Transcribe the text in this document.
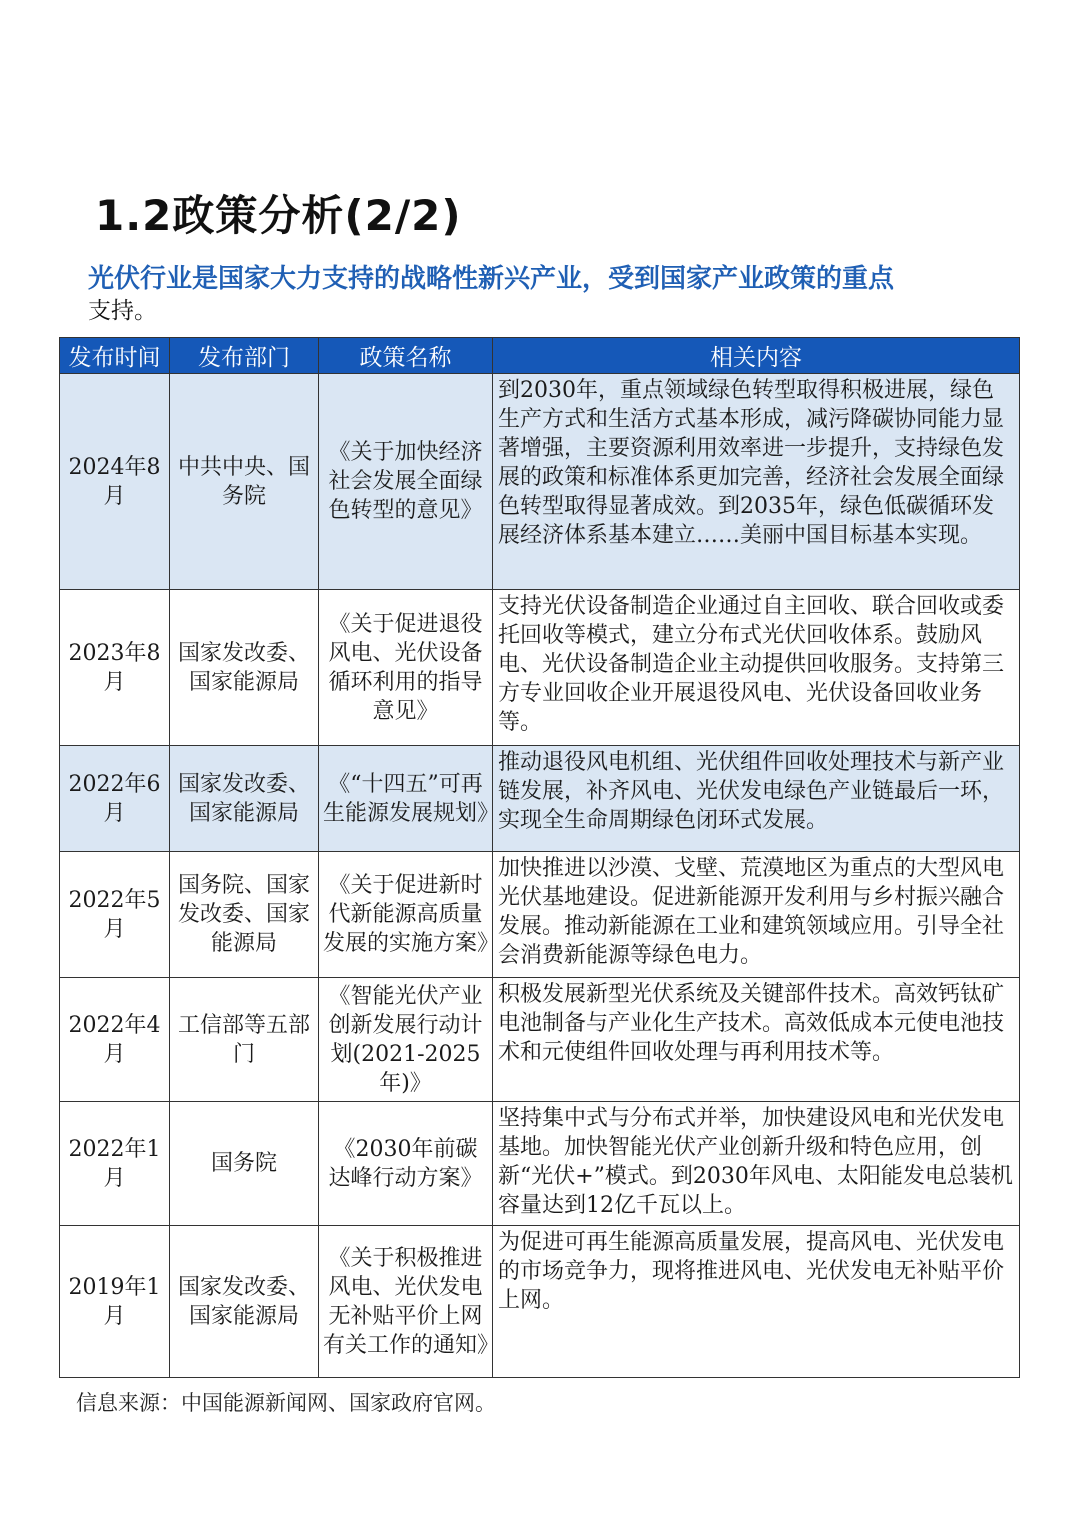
1.2政策分析(2/2)

光伏行业是国家大力支持的战略性新兴产业，受到国家产业政策的重点
支持。

发布时间	发布部门	政策名称	相关内容
2024年8月	中共中央、国务院	《关于加快经济社会发展全面绿色转型的意见》	到2030年，重点领域绿色转型取得积极进展，绿色生产方式和生活方式基本形成，减污降碳协同能力显著增强，主要资源利用效率进一步提升，支持绿色发展的政策和标准体系更加完善，经济社会发展全面绿色转型取得显著成效。到2035年，绿色低碳循环发展经济体系基本建立……美丽中国目标基本实现。
2023年8月	国家发改委、国家能源局	《关于促进退役风电、光伏设备循环利用的指导意见》	支持光伏设备制造企业通过自主回收、联合回收或委托回收等模式，建立分布式光伏回收体系。鼓励风电、光伏设备制造企业主动提供回收服务。支持第三方专业回收企业开展退役风电、光伏设备回收业务等。
2022年6月	国家发改委、国家能源局	《“十四五”可再生能源发展规划》	推动退役风电机组、光伏组件回收处理技术与新产业链发展，补齐风电、光伏发电绿色产业链最后一环，实现全生命周期绿色闭环式发展。
2022年5月	国务院、国家发改委、国家能源局	《关于促进新时代新能源高质量发展的实施方案》	加快推进以沙漠、戈壁、荒漠地区为重点的大型风电光伏基地建设。促进新能源开发利用与乡村振兴融合发展。推动新能源在工业和建筑领域应用。引导全社会消费新能源等绿色电力。
2022年4月	工信部等五部门	《智能光伏产业创新发展行动计划(2021-2025年)》	积极发展新型光伏系统及关键部件技术。高效钙钛矿电池制备与产业化生产技术。高效低成本元使电池技术和元使组件回收处理与再利用技术等。
2022年1月	国务院	《2030年前碳达峰行动方案》	坚持集中式与分布式并举，加快建设风电和光伏发电基地。加快智能光伏产业创新升级和特色应用，创新“光伏+”模式。到2030年风电、太阳能发电总装机容量达到12亿千瓦以上。
2019年1月	国家发改委、国家能源局	《关于积极推进风电、光伏发电无补贴平价上网有关工作的通知》	为促进可再生能源高质量发展，提高风电、光伏发电的市场竞争力，现将推进风电、光伏发电无补贴平价上网。

信息来源：中国能源新闻网、国家政府官网。
